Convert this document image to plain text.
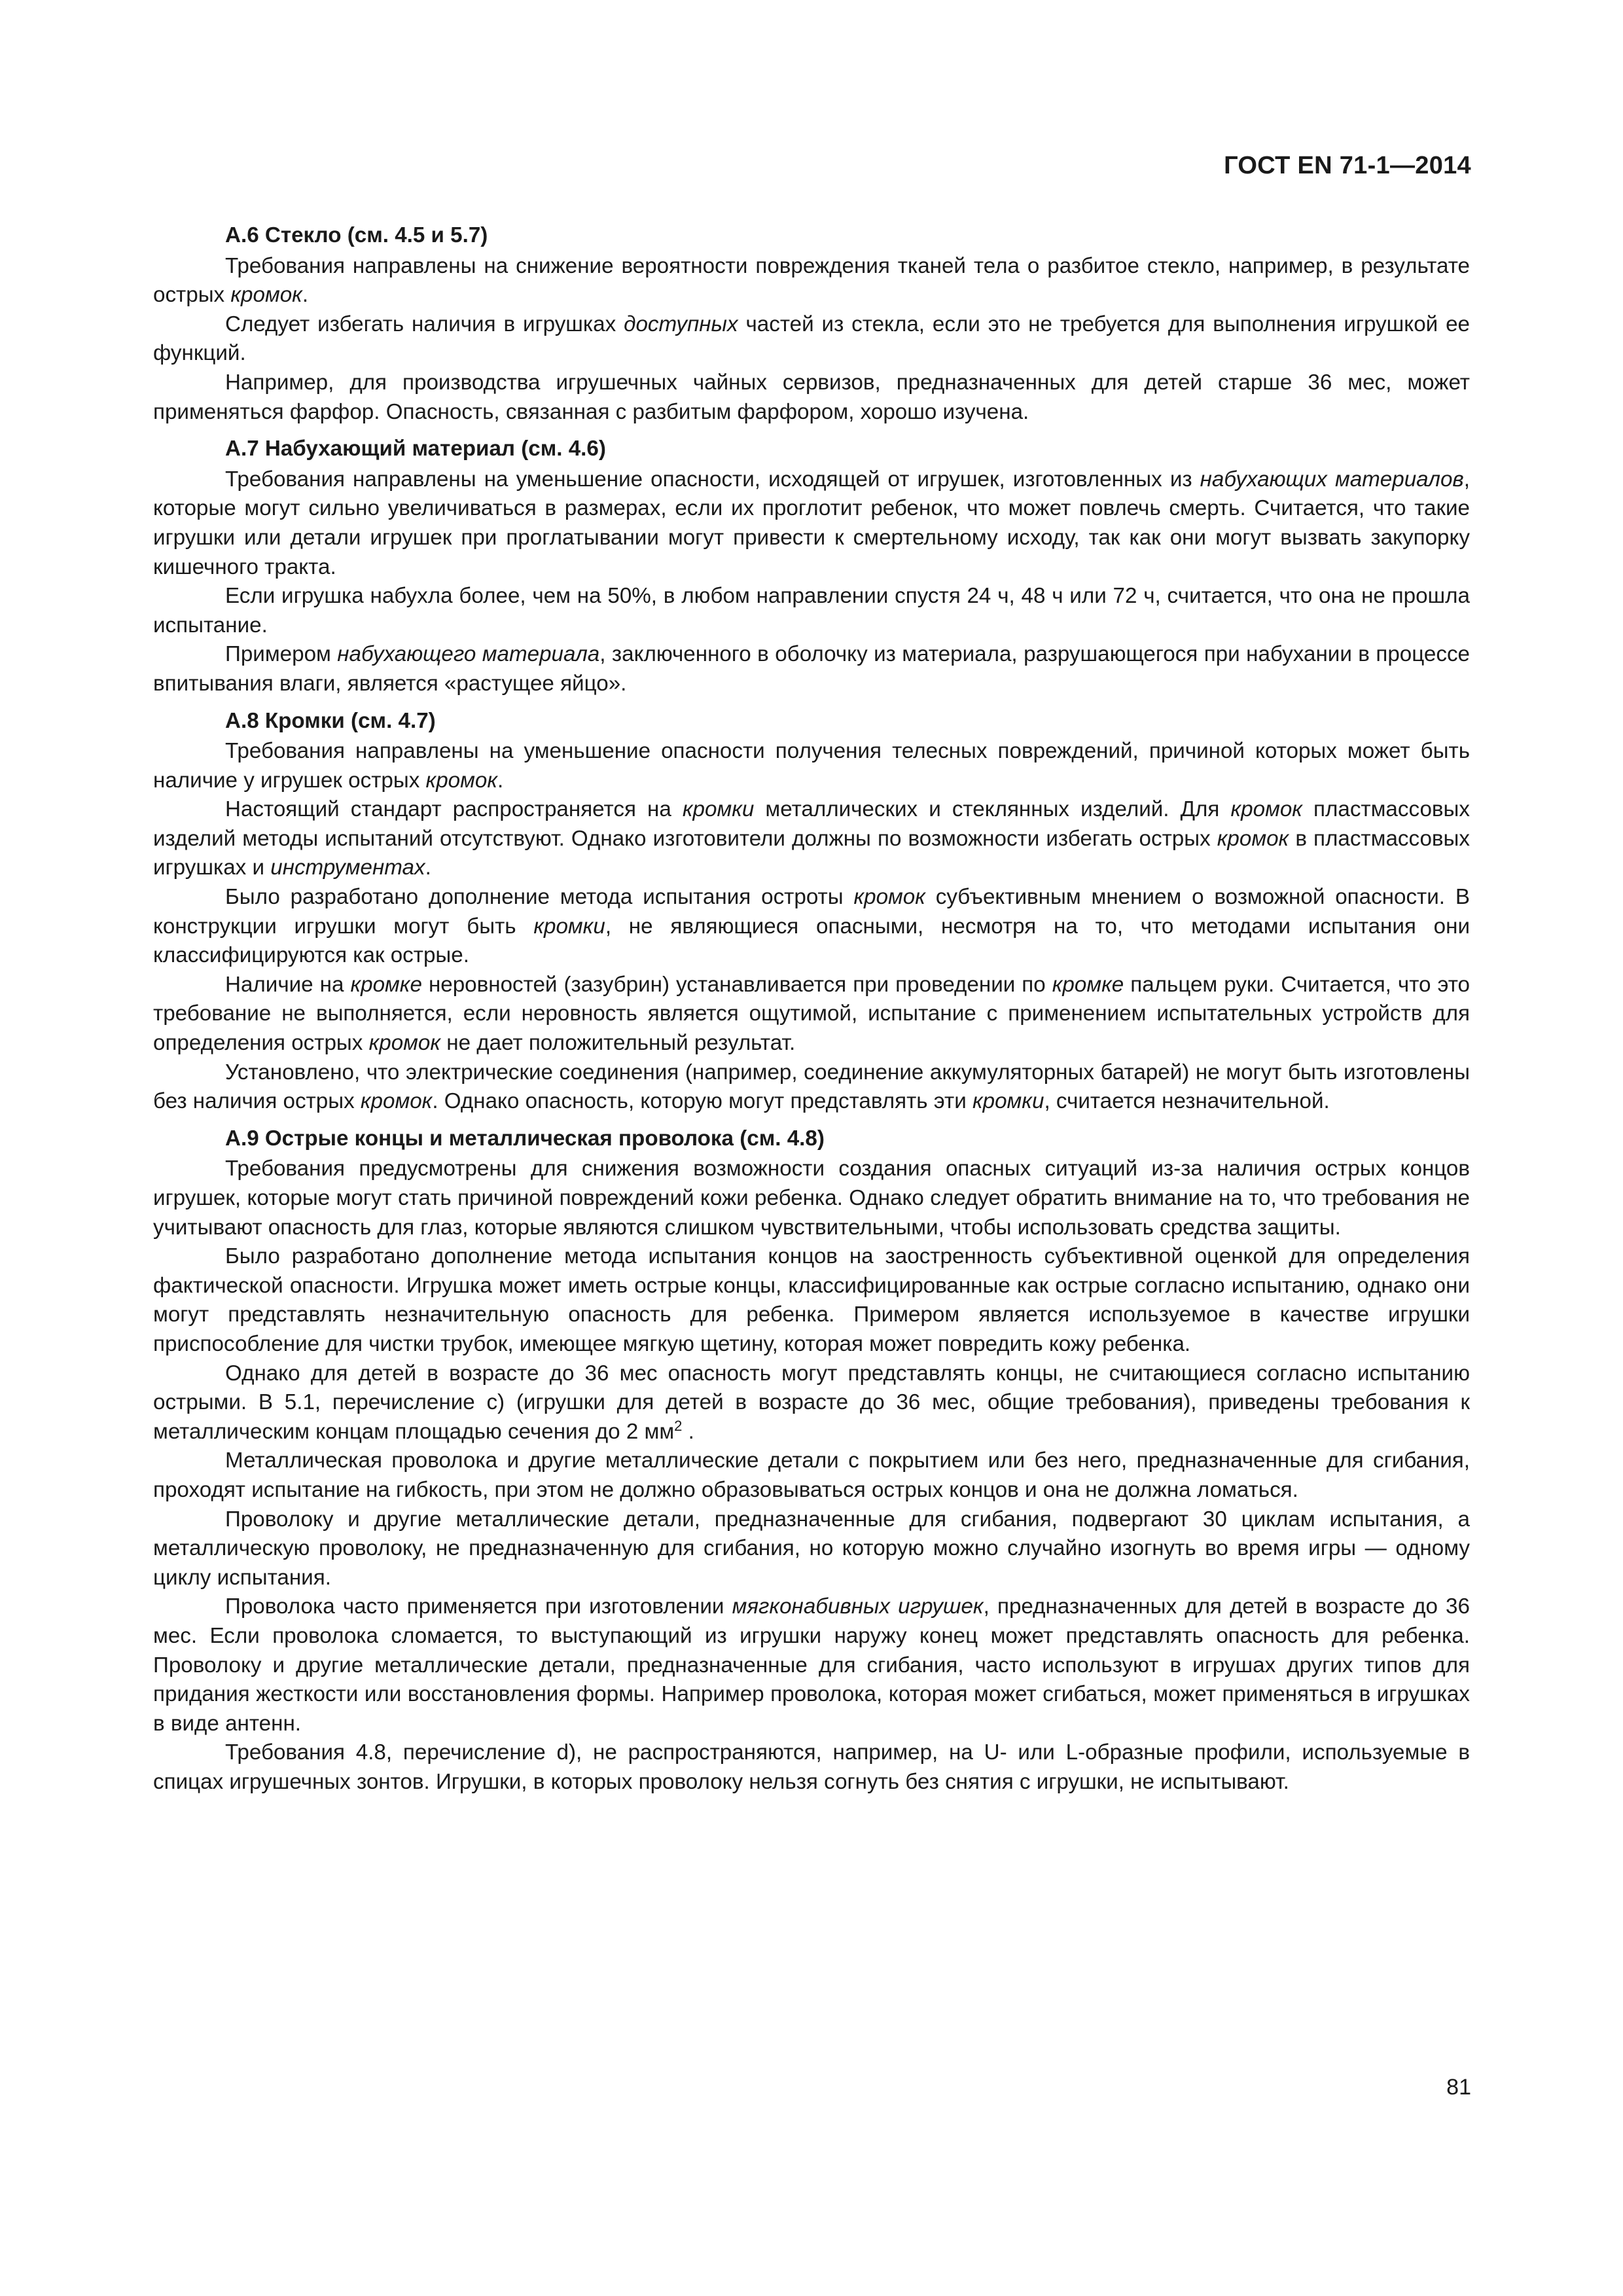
ГОСТ EN 71-1—2014
А.6 Стекло (см. 4.5 и 5.7)

Требования направлены на снижение вероятности повреждения тканей тела о разбитое стекло, например, в результате острых кромок.

Следует избегать наличия в игрушках доступных частей из стекла, если это не требуется для выполнения игрушкой ее функций.

Например, для производства игрушечных чайных сервизов, предназначенных для детей старше 36 мес, может применяться фарфор. Опасность, связанная с разбитым фарфором, хорошо изучена.

А.7 Набухающий материал (см. 4.6)

Требования направлены на уменьшение опасности, исходящей от игрушек, изготовленных из набухающих материалов, которые могут сильно увеличиваться в размерах, если их проглотит ребенок, что может повлечь смерть. Считается, что такие игрушки или детали игрушек при проглатывании могут привести к смертельному исходу, так как они могут вызвать закупорку кишечного тракта.

Если игрушка набухла более, чем на 50%, в любом направлении спустя 24 ч, 48 ч или 72 ч, считается, что она не прошла испытание.

Примером набухающего материала, заключенного в оболочку из материала, разрушающегося при набухании в процессе впитывания влаги, является «растущее яйцо».

А.8 Кромки (см. 4.7)

Требования направлены на уменьшение опасности получения телесных повреждений, причиной которых может быть наличие у игрушек острых кромок.

Настоящий стандарт распространяется на кромки металлических и стеклянных изделий. Для кромок пластмассовых изделий методы испытаний отсутствуют. Однако изготовители должны по возможности избегать острых кромок в пластмассовых игрушках и инструментах.

Было разработано дополнение метода испытания остроты кромок субъективным мнением о возможной опасности. В конструкции игрушки могут быть кромки, не являющиеся опасными, несмотря на то, что методами испытания они классифицируются как острые.

Наличие на кромке неровностей (зазубрин) устанавливается при проведении по кромке пальцем руки. Считается, что это требование не выполняется, если неровность является ощутимой, испытание с применением испытательных устройств для определения острых кромок не дает положительный результат.

Установлено, что электрические соединения (например, соединение аккумуляторных батарей) не могут быть изготовлены без наличия острых кромок. Однако опасность, которую могут представлять эти кромки, считается незначительной.

А.9 Острые концы и металлическая проволока (см. 4.8)

Требования предусмотрены для снижения возможности создания опасных ситуаций из-за наличия острых концов игрушек, которые могут стать причиной повреждений кожи ребенка. Однако следует обратить внимание на то, что требования не учитывают опасность для глаз, которые являются слишком чувствительными, чтобы использовать средства защиты.

Было разработано дополнение метода испытания концов на заостренность субъективной оценкой для определения фактической опасности. Игрушка может иметь острые концы, классифицированные как острые согласно испытанию, однако они могут представлять незначительную опасность для ребенка. Примером является используемое в качестве игрушки приспособление для чистки трубок, имеющее мягкую щетину, которая может повредить кожу ребенка.

Однако для детей в возрасте до 36 мес опасность могут представлять концы, не считающиеся согласно испытанию острыми. В 5.1, перечисление с) (игрушки для детей в возрасте до 36 мес, общие требования), приведены требования к металлическим концам площадью сечения до 2 $мм^2$ .

Металлическая проволока и другие металлические детали с покрытием или без него, предназначенные для сгибания, проходят испытание на гибкость, при этом не должно образовываться острых концов и она не должна ломаться.

Проволоку и другие металлические детали, предназначенные для сгибания, подвергают 30 циклам испытания, а металлическую проволоку, не предназначенную для сгибания, но которую можно случайно изогнуть во время игры — одному циклу испытания.

Проволока часто применяется при изготовлении мягконабивных игрушек, предназначенных для детей в возрасте до 36 мес. Если проволока сломается, то выступающий из игрушки наружу конец может представлять опасность для ребенка. Проволоку и другие металлические детали, предназначенные для сгибания, часто используют в игрушах других типов для придания жесткости или восстановления формы. Например проволока, которая может сгибаться, может применяться в игрушках в виде антенн.

Требования 4.8, перечисление d), не распространяются, например, на U- или L-образные профили, используемые в спицах игрушечных зонтов. Игрушки, в которых проволоку нельзя согнуть без снятия с игрушки, не испытывают.

81
